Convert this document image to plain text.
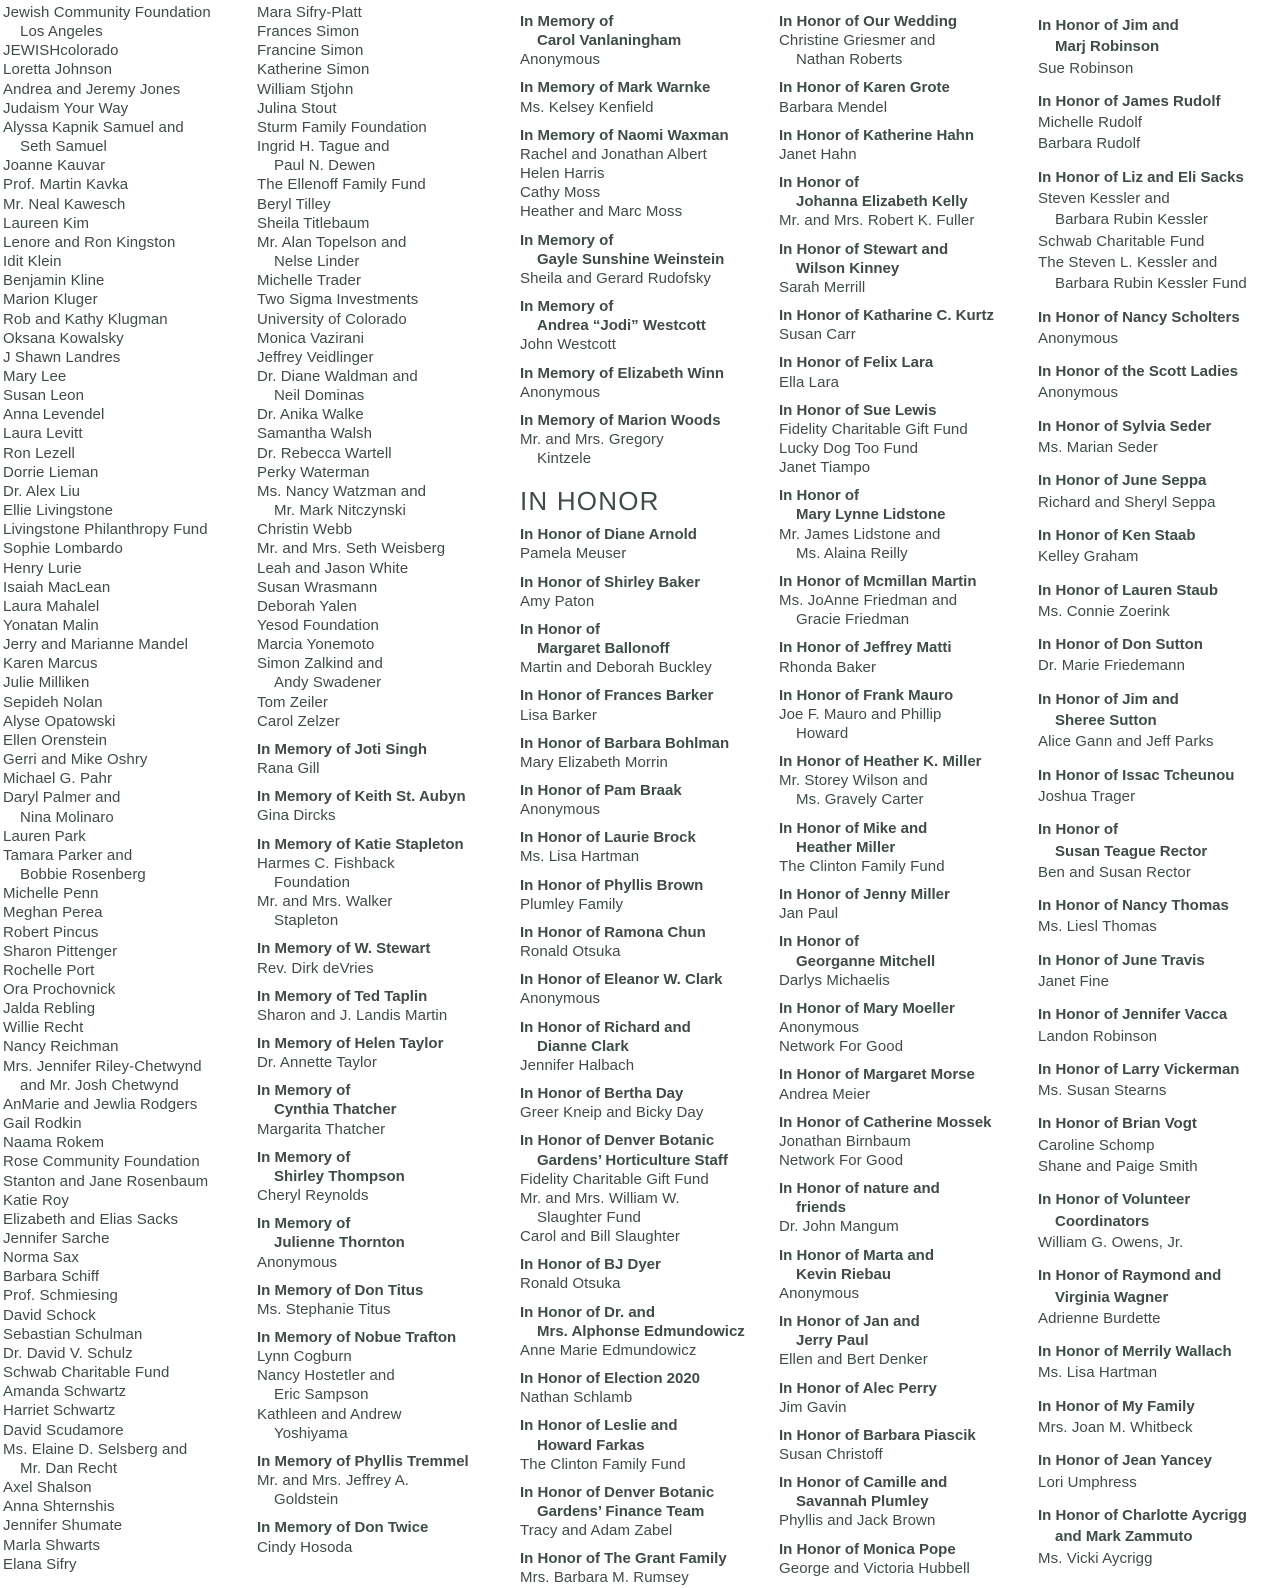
Jewish Community Foundation
Los Angeles
JEWISHcolorado
Loretta Johnson
Andrea and Jeremy Jones
Judaism Your Way
Alyssa Kapnik Samuel and
Seth Samuel
Joanne Kauvar
Prof. Martin Kavka
Mr. Neal Kawesch
Laureen Kim
Lenore and Ron Kingston
Idit Klein
Benjamin Kline
Marion Kluger
Rob and Kathy Klugman
Oksana Kowalsky
J Shawn Landres
Mary Lee
Susan Leon
Anna Levendel
Laura Levitt
Ron Lezell
Dorrie Lieman
Dr. Alex Liu
Ellie Livingstone
Livingstone Philanthropy Fund
Sophie Lombardo
Henry Lurie
Isaiah MacLean
Laura Mahalel
Yonatan Malin
Jerry and Marianne Mandel
Karen Marcus
Julie Milliken
Sepideh Nolan
Alyse Opatowski
Ellen Orenstein
Gerri and Mike Oshry
Michael G. Pahr
Daryl Palmer and
Nina Molinaro
Lauren Park
Tamara Parker and
Bobbie Rosenberg
Michelle Penn
Meghan Perea
Robert Pincus
Sharon Pittenger
Rochelle Port
Ora Prochovnick
Jalda Rebling
Willie Recht
Nancy Reichman
Mrs. Jennifer Riley-Chetwynd
and Mr. Josh Chetwynd
AnMarie and Jewlia Rodgers
Gail Rodkin
Naama Rokem
Rose Community Foundation
Stanton and Jane Rosenbaum
Katie Roy
Elizabeth and Elias Sacks
Jennifer Sarche
Norma Sax
Barbara Schiff
Prof. Schmiesing
David Schock
Sebastian Schulman
Dr. David V. Schulz
Schwab Charitable Fund
Amanda Schwartz
Harriet Schwartz
David Scudamore
Ms. Elaine D. Selsberg and
Mr. Dan Recht
Axel Shalson
Anna Shternshis
Jennifer Shumate
Marla Shwarts
Elana Sifry
Mara Sifry-Platt
Frances Simon
Francine Simon
Katherine Simon
William Stjohn
Julina Stout
Sturm Family Foundation
Ingrid H. Tague and
Paul N. Dewen
The Ellenoff Family Fund
Beryl Tilley
Sheila Titlebaum
Mr. Alan Topelson and
Nelse Linder
Michelle Trader
Two Sigma Investments
University of Colorado
Monica Vazirani
Jeffrey Veidlinger
Dr. Diane Waldman and
Neil Dominas
Dr. Anika Walke
Samantha Walsh
Dr. Rebecca Wartell
Perky Waterman
Ms. Nancy Watzman and
Mr. Mark Nitczynski
Christin Webb
Mr. and Mrs. Seth Weisberg
Leah and Jason White
Susan Wrasmann
Deborah Yalen
Yesod Foundation
Marcia Yonemoto
Simon Zalkind and
Andy Swadener
Tom Zeiler
Carol Zelzer
In Memory of Joti Singh
Rana Gill
In Memory of Keith St. Aubyn
Gina Dircks
In Memory of Katie Stapleton
Harmes C. Fishback
Foundation
Mr. and Mrs. Walker
Stapleton
In Memory of W. Stewart
Rev. Dirk deVries
In Memory of Ted Taplin
Sharon and J. Landis Martin
In Memory of Helen Taylor
Dr. Annette Taylor
In Memory of
Cynthia Thatcher
Margarita Thatcher
In Memory of
Shirley Thompson
Cheryl Reynolds
In Memory of
Julienne Thornton
Anonymous
In Memory of Don Titus
Ms. Stephanie Titus
In Memory of Nobue Trafton
Lynn Cogburn
Nancy Hostetler and
Eric Sampson
Kathleen and Andrew
Yoshiyama
In Memory of Phyllis Tremmel
Mr. and Mrs. Jeffrey A.
Goldstein
In Memory of Don Twice
Cindy Hosoda
In Memory of
Carol Vanlaningham
Anonymous
In Memory of Mark Warnke
Ms. Kelsey Kenfield
In Memory of Naomi Waxman
Rachel and Jonathan Albert
Helen Harris
Cathy Moss
Heather and Marc Moss
In Memory of
Gayle Sunshine Weinstein
Sheila and Gerard Rudofsky
In Memory of
Andrea “Jodi” Westcott
John Westcott
In Memory of Elizabeth Winn
Anonymous
In Memory of Marion Woods
Mr. and Mrs. Gregory
Kintzele
IN HONOR
In Honor of Diane Arnold
Pamela Meuser
In Honor of Shirley Baker
Amy Paton
In Honor of
Margaret Ballonoff
Martin and Deborah Buckley
In Honor of Frances Barker
Lisa Barker
In Honor of Barbara Bohlman
Mary Elizabeth Morrin
In Honor of Pam Braak
Anonymous
In Honor of Laurie Brock
Ms. Lisa Hartman
In Honor of Phyllis Brown
Plumley Family
In Honor of Ramona Chun
Ronald Otsuka
In Honor of Eleanor W. Clark
Anonymous
In Honor of Richard and
Dianne Clark
Jennifer Halbach
In Honor of Bertha Day
Greer Kneip and Bicky Day
In Honor of Denver Botanic
Gardens’ Horticulture Staff
Fidelity Charitable Gift Fund
Mr. and Mrs. William W.
Slaughter Fund
Carol and Bill Slaughter
In Honor of BJ Dyer
Ronald Otsuka
In Honor of Dr. and
Mrs. Alphonse Edmundowicz
Anne Marie Edmundowicz
In Honor of Election 2020
Nathan Schlamb
In Honor of Leslie and
Howard Farkas
The Clinton Family Fund
In Honor of Denver Botanic
Gardens’ Finance Team
Tracy and Adam Zabel
In Honor of The Grant Family
Mrs. Barbara M. Rumsey
In Honor of Our Wedding
Christine Griesmer and
Nathan Roberts
In Honor of Karen Grote
Barbara Mendel
In Honor of Katherine Hahn
Janet Hahn
In Honor of
Johanna Elizabeth Kelly
Mr. and Mrs. Robert K. Fuller
In Honor of Stewart and
Wilson Kinney
Sarah Merrill
In Honor of Katharine C. Kurtz
Susan Carr
In Honor of Felix Lara
Ella Lara
In Honor of Sue Lewis
Fidelity Charitable Gift Fund
Lucky Dog Too Fund
Janet Tiampo
In Honor of
Mary Lynne Lidstone
Mr. James Lidstone and
Ms. Alaina Reilly
In Honor of Mcmillan Martin
Ms. JoAnne Friedman and
Gracie Friedman
In Honor of Jeffrey Matti
Rhonda Baker
In Honor of Frank Mauro
Joe F. Mauro and Phillip
Howard
In Honor of Heather K. Miller
Mr. Storey Wilson and
Ms. Gravely Carter
In Honor of Mike and
Heather Miller
The Clinton Family Fund
In Honor of Jenny Miller
Jan Paul
In Honor of
Georganne Mitchell
Darlys Michaelis
In Honor of Mary Moeller
Anonymous
Network For Good
In Honor of Margaret Morse
Andrea Meier
In Honor of Catherine Mossek
Jonathan Birnbaum
Network For Good
In Honor of nature and
friends
Dr. John Mangum
In Honor of Marta and
Kevin Riebau
Anonymous
In Honor of Jan and
Jerry Paul
Ellen and Bert Denker
In Honor of Alec Perry
Jim Gavin
In Honor of Barbara Piascik
Susan Christoff
In Honor of Camille and
Savannah Plumley
Phyllis and Jack Brown
In Honor of Monica Pope
George and Victoria Hubbell
In Honor of Jim and
Marj Robinson
Sue Robinson
In Honor of James Rudolf
Michelle Rudolf
Barbara Rudolf
In Honor of Liz and Eli Sacks
Steven Kessler and
Barbara Rubin Kessler
Schwab Charitable Fund
The Steven L. Kessler and
Barbara Rubin Kessler Fund
In Honor of Nancy Scholters
Anonymous
In Honor of the Scott Ladies
Anonymous
In Honor of Sylvia Seder
Ms. Marian Seder
In Honor of June Seppa
Richard and Sheryl Seppa
In Honor of Ken Staab
Kelley Graham
In Honor of Lauren Staub
Ms. Connie Zoerink
In Honor of Don Sutton
Dr. Marie Friedemann
In Honor of Jim and
Sheree Sutton
Alice Gann and Jeff Parks
In Honor of Issac Tcheunou
Joshua Trager
In Honor of
Susan Teague Rector
Ben and Susan Rector
In Honor of Nancy Thomas
Ms. Liesl Thomas
In Honor of June Travis
Janet Fine
In Honor of Jennifer Vacca
Landon Robinson
In Honor of Larry Vickerman
Ms. Susan Stearns
In Honor of Brian Vogt
Caroline Schomp
Shane and Paige Smith
In Honor of Volunteer
Coordinators
William G. Owens, Jr.
In Honor of Raymond and
Virginia Wagner
Adrienne Burdette
In Honor of Merrily Wallach
Ms. Lisa Hartman
In Honor of My Family
Mrs. Joan M. Whitbeck
In Honor of Jean Yancey
Lori Umphress
In Honor of Charlotte Aycrigg
and Mark Zammuto
Ms. Vicki Aycrigg
